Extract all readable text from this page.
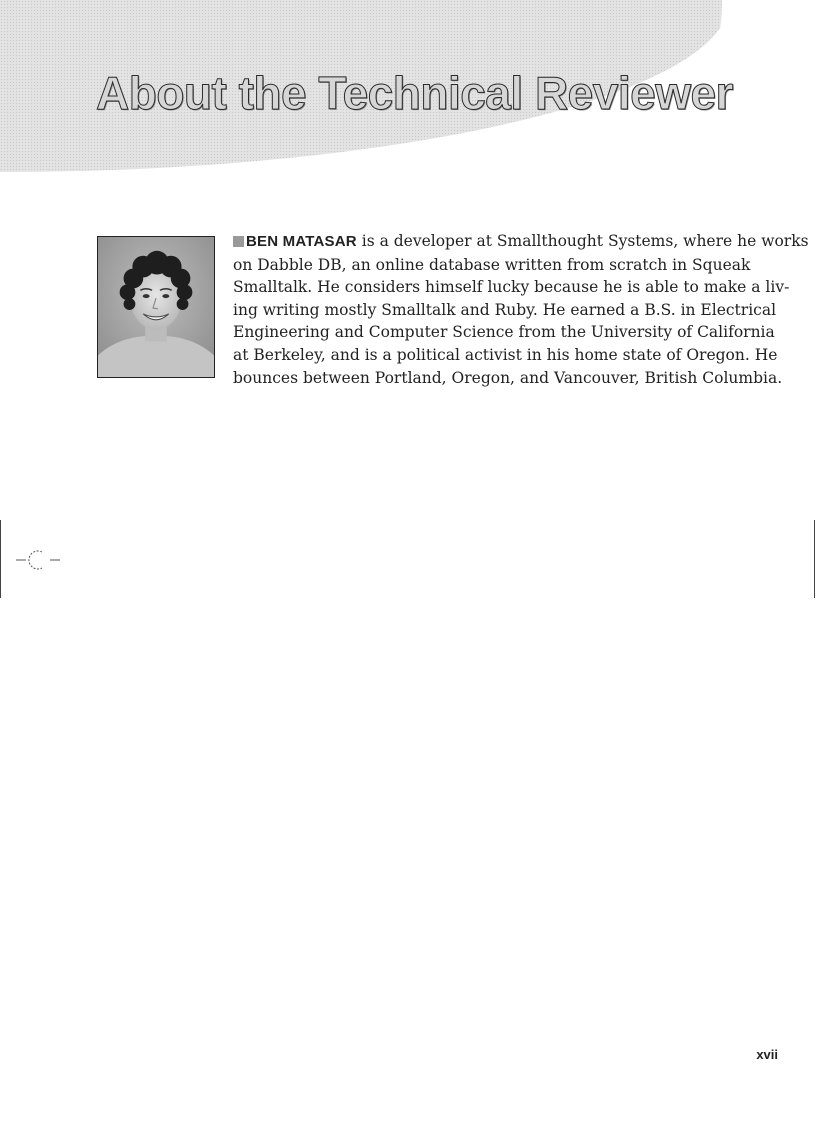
About the Technical Reviewer

BEN MATASAR is a developer at Smallthought Systems, where he works
on Dabble DB, an online database written from scratch in Squeak
Smalltalk. He considers himself lucky because he is able to make a liv-
ing writing mostly Smalltalk and Ruby. He earned a B.S. in Electrical
Engineering and Computer Science from the University of California
at Berkeley, and is a political activist in his home state of Oregon. He
bounces between Portland, Oregon, and Vancouver, British Columbia.

xvii
